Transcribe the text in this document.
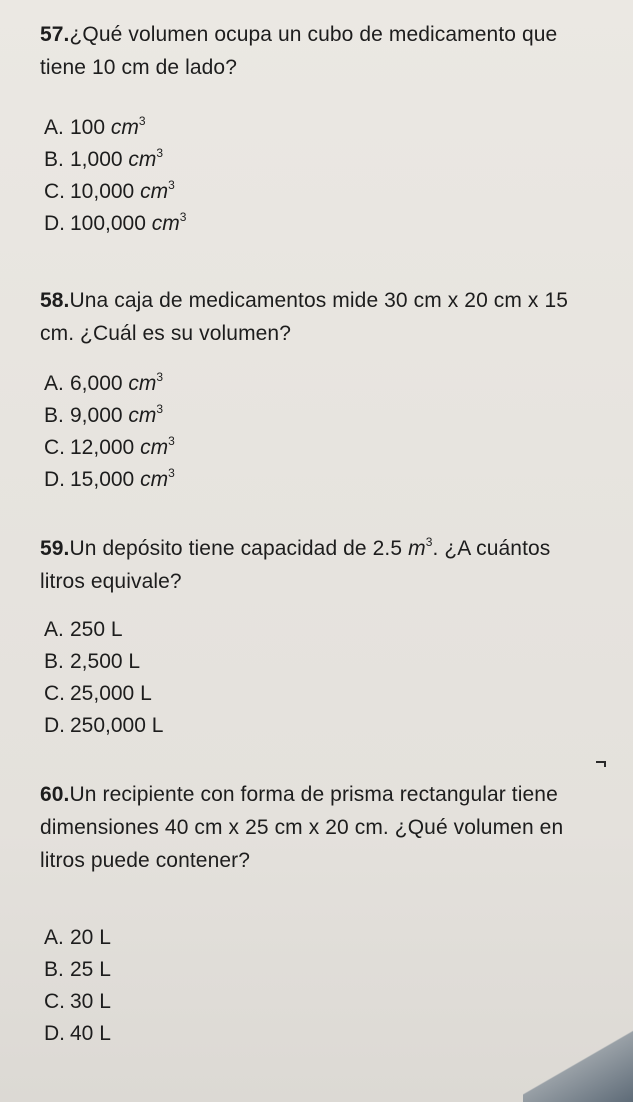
57.¿Qué volumen ocupa un cubo de medicamento que tiene 10 cm de lado?
A. 100 $cm^3$
B. 1,000 $cm^3$
C. 10,000 $cm^3$
D. 100,000 $cm^3$
58.Una caja de medicamentos mide 30 cm x 20 cm x 15 cm. ¿Cuál es su volumen?
A. 6,000 $cm^3$
B. 9,000 $cm^3$
C. 12,000 $cm^3$
D. 15,000 $cm^3$
59.Un depósito tiene capacidad de 2.5 $m^3$. ¿A cuántos litros equivale?
A. 250 L
B. 2,500 L
C. 25,000 L
D. 250,000 L
60.Un recipiente con forma de prisma rectangular tiene dimensiones 40 cm x 25 cm x 20 cm. ¿Qué volumen en litros puede contener?
A. 20 L
B. 25 L
C. 30 L
D. 40 L
